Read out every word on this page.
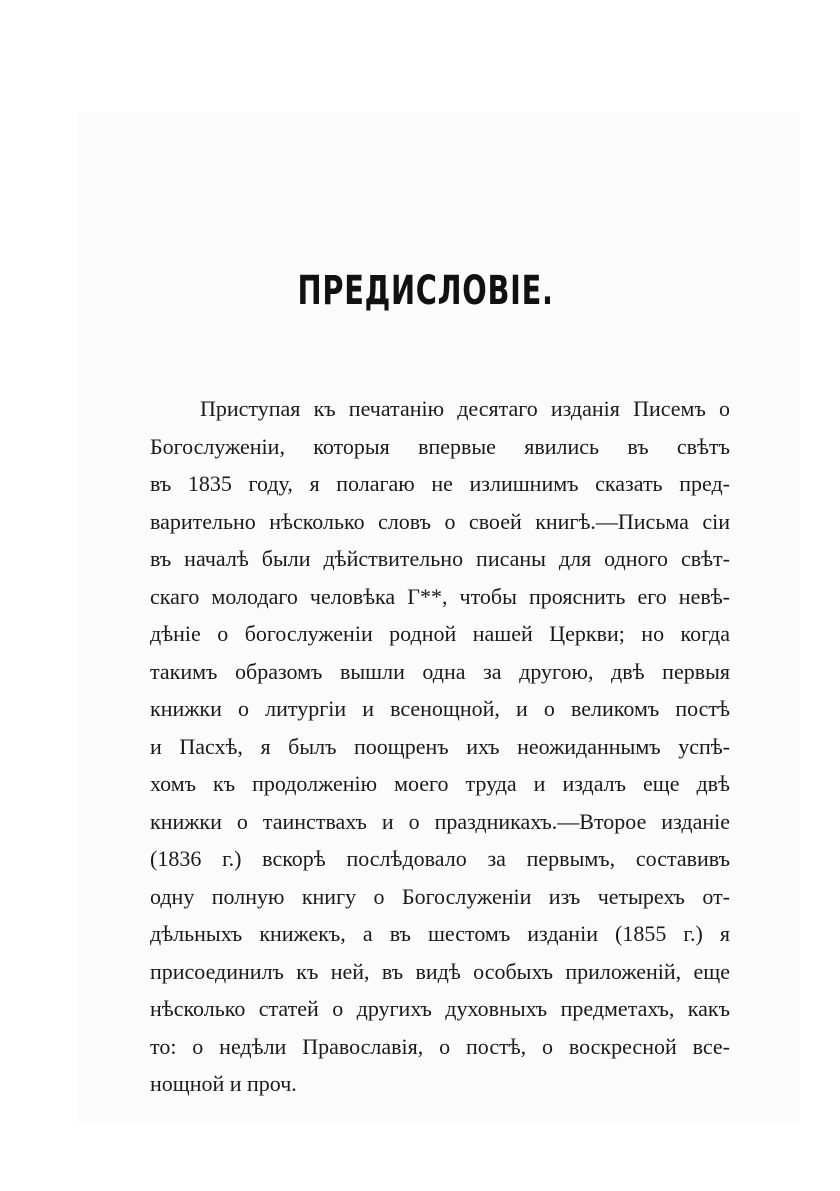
ПРЕДИСЛОВІЕ.
Приступая къ печатанію десятаго изданія Писемъ о
Богослуженіи, которыя впервые явились въ свѣтъ
въ 1835 году, я полагаю не излишнимъ сказать пред-
варительно нѣсколько словъ о своей книгѣ.—Письма сіи
въ началѣ были дѣйствительно писаны для одного свѣт-
скаго молодаго человѣка Г**, чтобы прояснить его невѣ-
дѣніе о богослуженіи родной нашей Церкви; но когда
такимъ образомъ вышли одна за другою, двѣ первыя
книжки о литургіи и всенощной, и о великомъ постѣ
и Пасхѣ, я былъ поощренъ ихъ неожиданнымъ успѣ-
хомъ къ продолженію моего труда и издалъ еще двѣ
книжки о таинствахъ и о праздникахъ.—Второе изданіе
(1836 г.) вскорѣ послѣдовало за первымъ, составивъ
одну полную книгу о Богослуженіи изъ четырехъ от-
дѣльныхъ книжекъ, а въ шестомъ изданіи (1855 г.) я
присоединилъ къ ней, въ видѣ особыхъ приложеній, еще
нѣсколько статей о другихъ духовныхъ предметахъ, какъ
то: о недѣли Православія, о постѣ, о воскресной все-
нощной и проч.
